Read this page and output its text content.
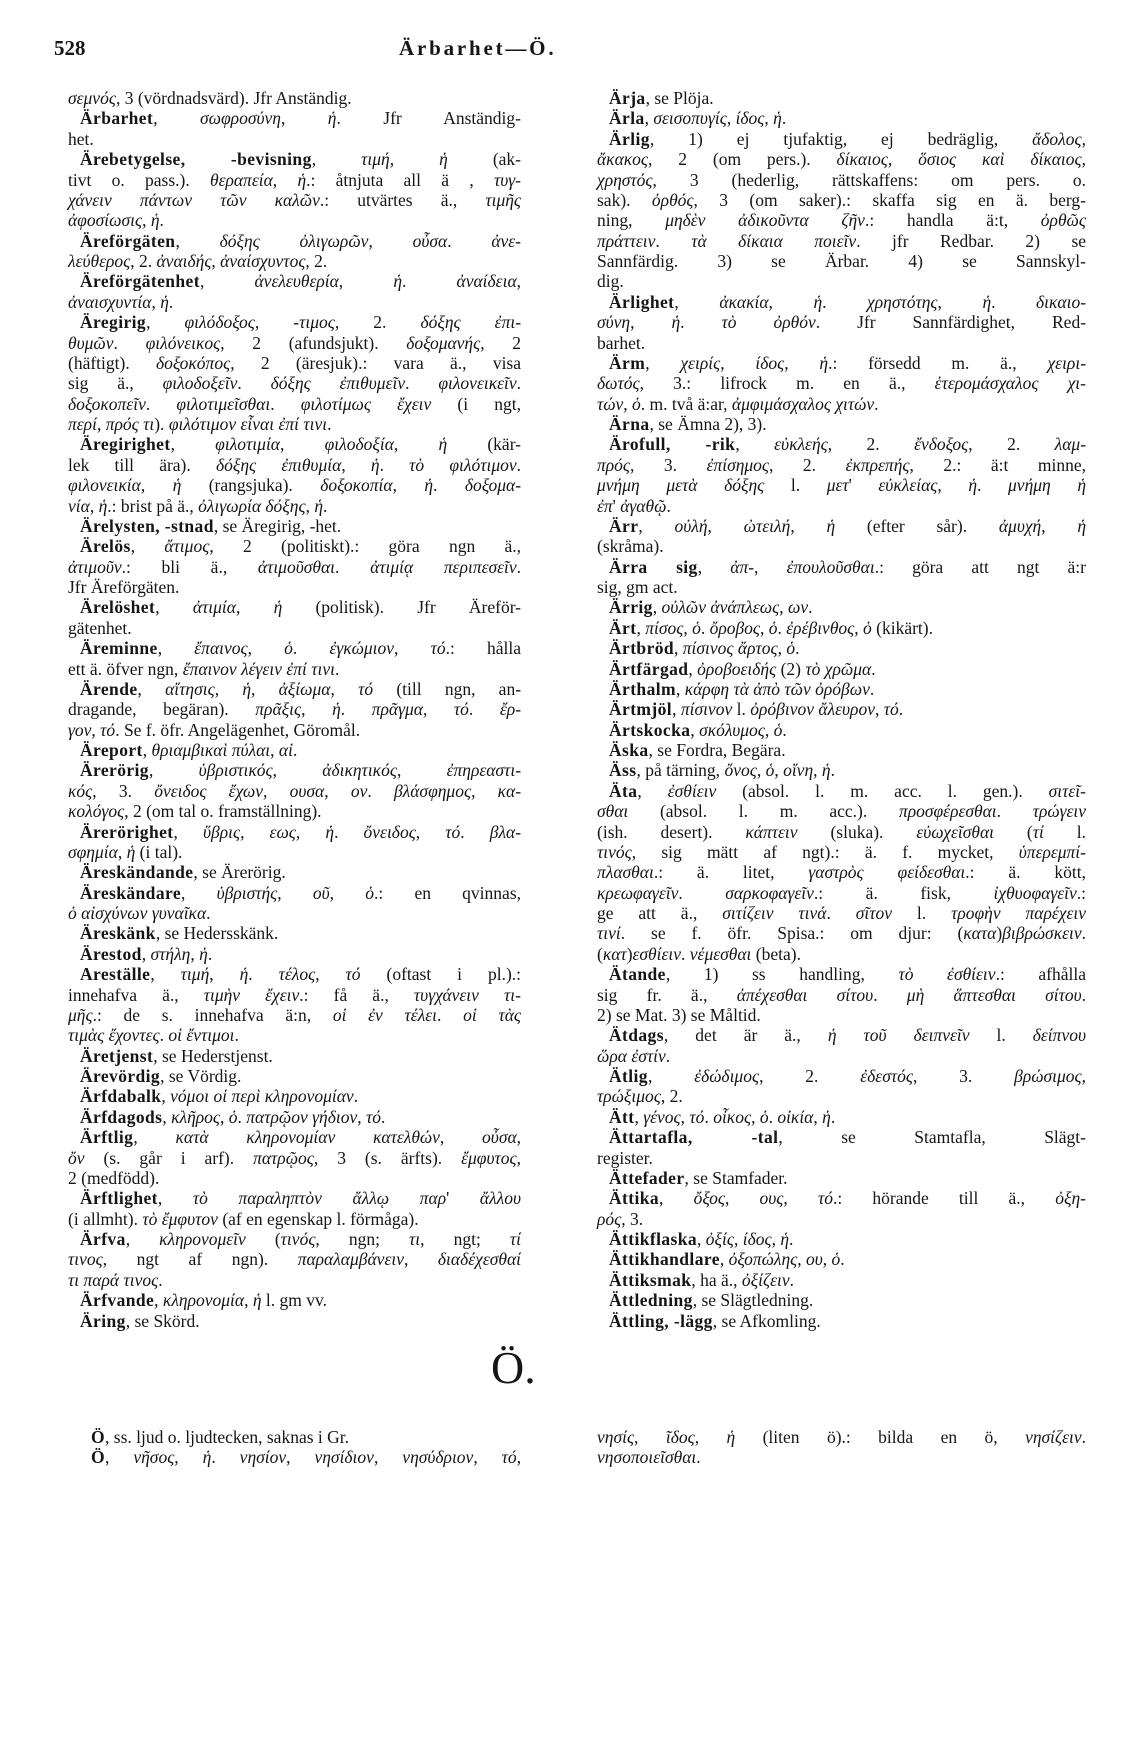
528	Ärbarhet—Ö.
σεμνός, 3 (vördnadsvärd). Jfr Anständig.
Ärbarhet, σωφροσύνη, ἡ. Jfr Anständig-
het.
Ärebetygelse, -bevisning, τιμή, ἡ (ak-
tivt o. pass.). θεραπεία, ἡ.: åtnjuta all ä , τυγ-
χάνειν πάντων τῶν καλῶν.: utvärtes ä., τιμῆς
ἀφοσίωσις, ἡ.
Äreförgäten, δόξης ὀλιγωρῶν, οὖσα. ἀνε-
λεύθερος, 2. ἀναιδής, ἀναίσχυντος, 2.
Äreförgätenhet, ἀνελευθερία, ἡ. ἀναίδεια,
ἀναισχυντία, ἡ.
Äregirig, φιλόδοξος, -τιμος, 2. δόξης ἐπι-
θυμῶν. φιλόνεικος, 2 (afundsjukt). δοξομανής, 2
(häftigt). δοξοκόπος, 2 (äresjuk).: vara ä., visa
sig ä., φιλοδοξεῖν. δόξης ἐπιθυμεῖν. φιλονεικεῖν.
δοξοκοπεῖν. φιλοτιμεῖσθαι. φιλοτίμως ἔχειν (i ngt,
περί, πρός τι). φιλότιμον εἶναι ἐπί τινι.
Äregirighet, φιλοτιμία, φιλοδοξία, ἡ (kär-
lek till ära). δόξης ἐπιθυμία, ἡ. τὸ φιλότιμον.
φιλονεικία, ἡ (rangsjuka). δοξοκοπία, ἡ. δοξομα-
νία, ἡ.: brist på ä., ὀλιγωρία δόξης, ἡ.
Ärelysten, -stnad, se Äregirig, -het.
Ärelös, ἄτιμος, 2 (politiskt).: göra ngn ä.,
ἀτιμοῦν.: bli ä., ἀτιμοῦσθαι. ἀτιμίᾳ περιπεσεῖν.
Jfr Äreförgäten.
Ärelöshet, ἀτιμία, ἡ (politisk). Jfr Äreför-
gätenhet.
Äreminne, ἔπαινος, ὁ. ἐγκώμιον, τό.: hålla
ett ä. öfver ngn, ἔπαινον λέγειν ἐπί τινι.
Ärende, αἴτησις, ἡ, ἀξίωμα, τό (till ngn, an-
dragande, begäran). πρᾶξις, ἡ. πρᾶγμα, τό. ἔρ-
γον, τό. Se f. öfr. Angelägenhet, Göromål.
Äreport, θριαμβικαὶ πύλαι, αἱ.
Ärerörig, ὑβριστικός, ἀδικητικός, ἐπηρεαστι-
κός, 3. ὄνειδος ἔχων, ουσα, ον. βλάσφημος, κα-
κολόγος, 2 (om tal o. framställning).
Ärerörighet, ὕβρις, εως, ἡ. ὄνειδος, τό. βλα-
σφημία, ἡ (i tal).
Äreskändande, se Ärerörig.
Äreskändare, ὑβριστής, οῦ, ὁ.: en qvinnas,
ὁ αἰσχύνων γυναῖκα.
Äreskänk, se Hedersskänk.
Ärestod, στήλη, ἡ.
Areställe, τιμή, ἡ. τέλος, τό (oftast i pl.).:
innehafva ä., τιμὴν ἔχειν.: få ä., τυγχάνειν τι-
μῆς.: de s. innehafva ä:n, οἱ ἐν τέλει. οἱ τὰς
τιμὰς ἔχοντες. οἱ ἔντιμοι.
Äretjenst, se Hederstjenst.
Ärevördig, se Vördig.
Ärfdabalk, νόμοι οἱ περὶ κληρονομίαν.
Ärfdagods, κλῆρος, ὁ. πατρῷον γήδιον, τό.
Ärftlig, κατὰ κληρονομίαν κατελθών, οὖσα,
ὄν (s. går i arf). πατρῷος, 3 (s. ärfts). ἔμφυτος,
2 (medfödd).
Ärftlighet, τὸ παραληπτὸν ἄλλῳ παρ' ἄλλου
(i allmht). τὸ ἔμφυτον (af en egenskap l. förmåga).
Ärfva, κληρονομεῖν (τινός, ngn; τι, ngt; τί
τινος, ngt af ngn). παραλαμβάνειν, διαδέχεσθαί
τι παρά τινος.
Ärfvande, κληρονομία, ἡ l. gm vv.
Äring, se Skörd.
Ärja, se Plöja.
Ärla, σεισοπυγίς, ίδος, ἡ.
Ärlig, 1) ej tjufaktig, ej bedräglig, ἄδολος,
ἄκακος, 2 (om pers.). δίκαιος, ὅσιος καὶ δίκαιος,
χρηστός, 3 (hederlig, rättskaffens: om pers. o.
sak). ὀρθός, 3 (om saker).: skaffa sig en ä. berg-
ning, μηδὲν ἀδικοῦντα ζῆν.: handla ä:t, ὀρθῶς
πράττειν. τὰ δίκαια ποιεῖν. jfr Redbar. 2) se
Sannfärdig. 3) se Ärbar. 4) se Sannskyl-
dig.
Ärlighet, ἀκακία, ἡ. χρηστότης, ἡ. δικαιο-
σύνη, ἡ. τὸ ὀρθόν. Jfr Sannfärdighet, Red-
barhet.
Ärm, χειρίς, ίδος, ἡ.: försedd m. ä., χειρι-
δωτός, 3.: lifrock m. en ä., ἑτερομάσχαλος χι-
τών, ὁ. m. två ä:ar, ἀμφιμάσχαλος χιτών.
Ärna, se Ämna 2), 3).
Ärofull, -rik, εὐκλεής, 2. ἔνδοξος, 2. λαμ-
πρός, 3. ἐπίσημος, 2. ἐκπρεπής, 2.: ä:t minne,
μνήμη μετὰ δόξης l. μετ' εὐκλείας, ἡ. μνήμη ἡ
ἐπ' ἀγαθῷ.
Ärr, οὐλή, ὠτειλή, ἡ (efter sår). ἀμυχή, ἡ
(skråma).
Ärra sig, ἀπ-, ἐπουλοῦσθαι.: göra att ngt ä:r
sig, gm act.
Ärrig, οὐλῶν ἀνάπλεως, ων.
Ärt, πίσος, ὁ. ὄροβος, ὁ. ἐρέβινθος, ὁ (kikärt).
Ärtbröd, πίσινος ἄρτος, ὁ.
Ärtfärgad, ὀροβοειδής (2) τὸ χρῶμα.
Ärthalm, κάρφη τὰ ἀπὸ τῶν ὀρόβων.
Ärtmjöl, πίσινον l. ὀρόβινον ἄλευρον, τό.
Ärtskocka, σκόλυμος, ὁ.
Äska, se Fordra, Begära.
Äss, på tärning, ὄνος, ὁ, οἴνη, ἡ.
Äta, ἐσθίειν (absol. l. m. acc. l. gen.). σιτεῖ-
σθαι (absol. l. m. acc.). προσφέρεσθαι. τρώγειν
(ish. desert). κάπτειν (sluka). εὐωχεῖσθαι (τί l.
τινός, sig mätt af ngt).: ä. f. mycket, ὑπερεμπί-
πλασθαι.: ä. litet, γαστρὸς φείδεσθαι.: ä. kött,
κρεωφαγεῖν. σαρκοφαγεῖν.: ä. fisk, ἰχθυοφαγεῖν.:
ge att ä., σιτίζειν τινά. σῖτον l. τροφὴν παρέχειν
τινί. se f. öfr. Spisa.: om djur: (κατα)βιβρώσκειν.
(κατ)εσθίειν. νέμεσθαι (beta).
Ätande, 1) ss handling, τὸ ἐσθίειν.: afhålla
sig fr. ä., ἀπέχεσθαι σίτου. μὴ ἅπτεσθαι σίτου.
2) se Mat. 3) se Måltid.
Ätdags, det är ä., ἡ τοῦ δειπνεῖν l. δείπνου
ὥρα ἐστίν.
Ätlig, ἐδώδιμος, 2. ἐδεστός, 3. βρώσιμος,
τρώξιμος, 2.
Ätt, γένος, τό. οἶκος, ὁ. οἰκία, ἡ.
Ättartafla, -tal, se Stamtafla, Slägt-
register.
Ättefader, se Stamfader.
Ättika, ὄξος, ους, τό.: hörande till ä., ὀξη-
ρός, 3.
Ättikflaska, ὀξίς, ίδος, ἡ.
Ättikhandlare, ὀξοπώλης, ου, ὁ.
Ättiksmak, ha ä., ὀξίζειν.
Ättledning, se Slägtledning.
Ättling, -lägg, se Afkomling.
Ö.
Ö, ss. ljud o. ljudtecken, saknas i Gr.
Ö, νῆσος, ἡ. νησίον, νησίδιον, νησύδριον, τό,
νησίς, ῖδος, ἡ (liten ö).: bilda en ö, νησίζειν.
νησοποιεῖσθαι.
